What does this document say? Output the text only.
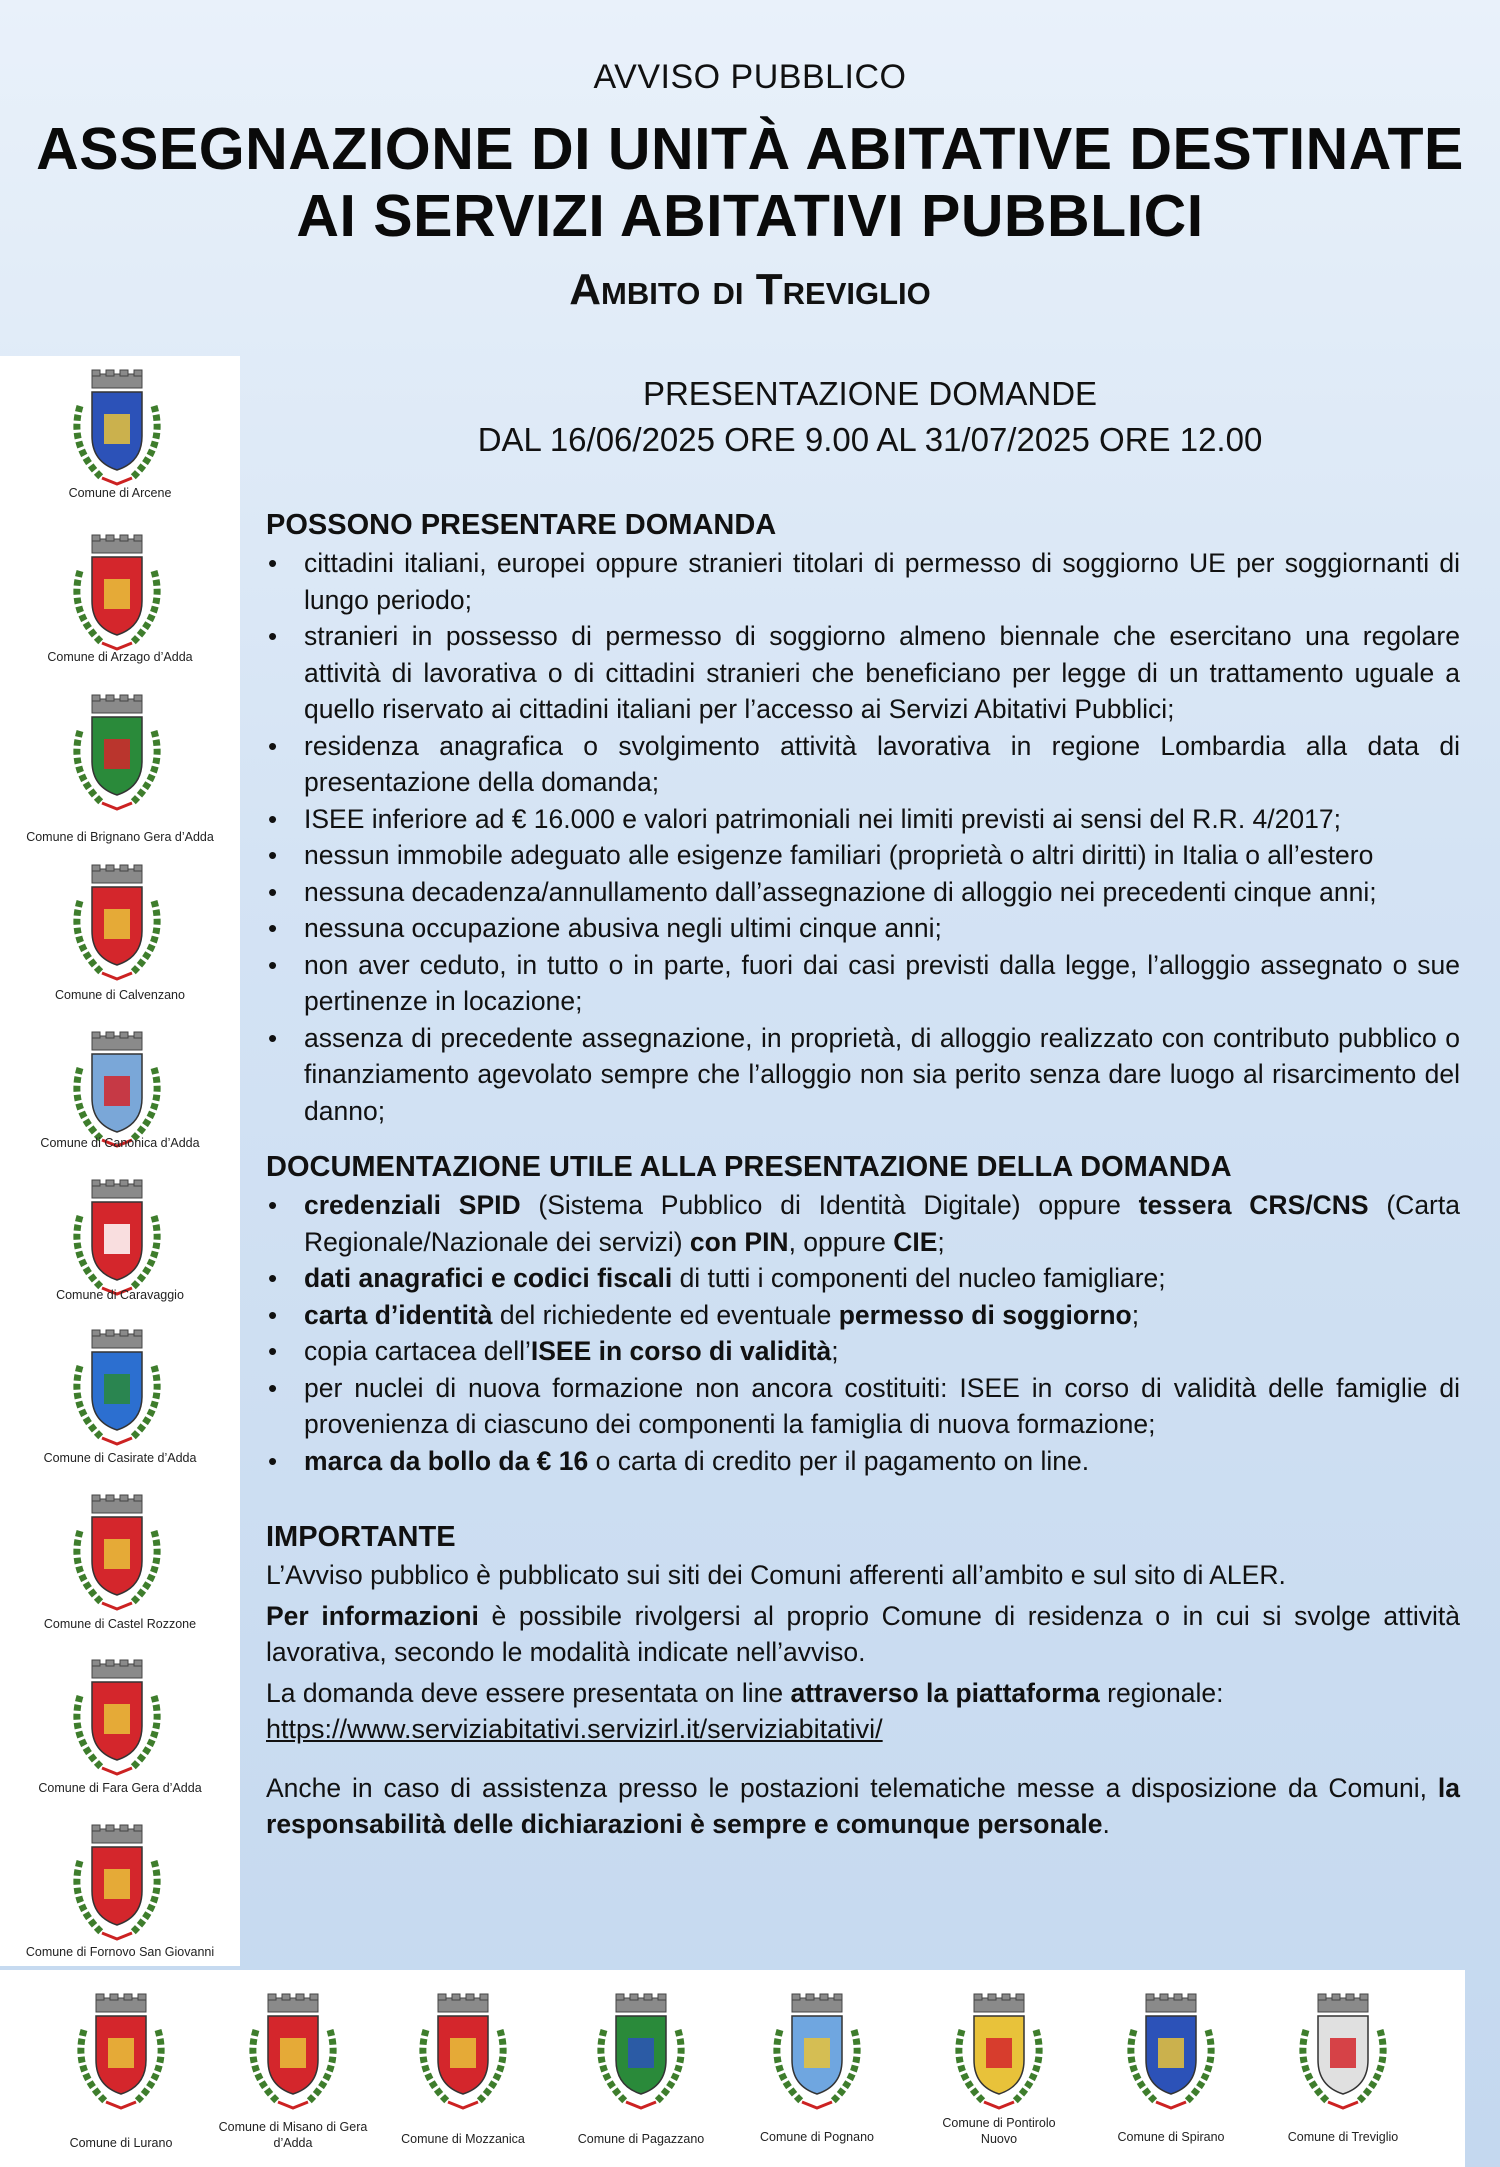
AVVISO PUBBLICO
ASSEGNAZIONE DI UNITÀ ABITATIVE DESTINATE
AI SERVIZI ABITATIVI PUBBLICI
Ambito di Treviglio
Comune di Arcene
Comune di Arzago d’Adda
Comune di Brignano Gera d’Adda
Comune di Calvenzano
Comune di Canonica d’Adda
Comune di Caravaggio
Comune di Casirate d’Adda
Comune di Castel Rozzone
Comune di Fara Gera d’Adda
Comune di Fornovo San Giovanni
Comune di Lurano
Comune di Misano di Gera d’Adda	Comune di Mozzanica	Comune di Pagazzano	Comune di Pognano
Comune di Pontirolo Nuovo	Comune di Spirano	Comune di Treviglio
PRESENTAZIONE DOMANDE
DAL 16/06/2025 ORE 9.00 AL 31/07/2025 ORE 12.00
POSSONO PRESENTARE DOMANDA
• cittadini italiani, europei oppure stranieri titolari di permesso di soggiorno UE per soggiornanti di lungo periodo;
• stranieri in possesso di permesso di soggiorno almeno biennale che esercitano una regolare attività di lavorativa o di cittadini stranieri che beneficiano per legge di un trattamento uguale a quello riservato ai cittadini italiani per l’accesso ai Servizi Abitativi Pubblici;
• residenza anagrafica o svolgimento attività lavorativa in regione Lombardia alla data di presentazione della domanda;
• ISEE inferiore ad € 16.000 e valori patrimoniali nei limiti previsti ai sensi del R.R. 4/2017;
• nessun immobile adeguato alle esigenze familiari (proprietà o altri diritti) in Italia o all’estero
• nessuna decadenza/annullamento dall’assegnazione di alloggio nei precedenti cinque anni;
• nessuna occupazione abusiva negli ultimi cinque anni;
• non aver ceduto, in tutto o in parte, fuori dai casi previsti dalla legge, l’alloggio assegnato o sue pertinenze in locazione;
• assenza di precedente assegnazione, in proprietà, di alloggio realizzato con contributo pubblico o finanziamento agevolato sempre che l’alloggio non sia perito senza dare luogo al risarcimento del danno;
DOCUMENTAZIONE UTILE ALLA PRESENTAZIONE DELLA DOMANDA
• credenziali SPID (Sistema Pubblico di Identità Digitale) oppure tessera CRS/CNS (Carta Regionale/Nazionale dei servizi) con PIN, oppure CIE;
• dati anagrafici e codici fiscali di tutti i componenti del nucleo famigliare;
• carta d’identità del richiedente ed eventuale permesso di soggiorno;
• copia cartacea dell’ISEE in corso di validità;
• per nuclei di nuova formazione non ancora costituiti: ISEE in corso di validità delle famiglie di provenienza di ciascuno dei componenti la famiglia di nuova formazione;
• marca da bollo da € 16 o carta di credito per il pagamento on line.
IMPORTANTE

L’Avviso pubblico è pubblicato sui siti dei Comuni afferenti all’ambito e sul sito di ALER.

Per informazioni è possibile rivolgersi al proprio Comune di residenza o in cui si svolge attività lavorativa, secondo le modalità indicate nell’avviso.

La domanda deve essere presentata on line attraverso la piattaforma regionale:

https://www.serviziabitativi.servizirl.it/serviziabitativi/

Anche in caso di assistenza presso le postazioni telematiche messe a disposizione da Comuni, la responsabilità delle dichiarazioni è sempre e comunque personale.
